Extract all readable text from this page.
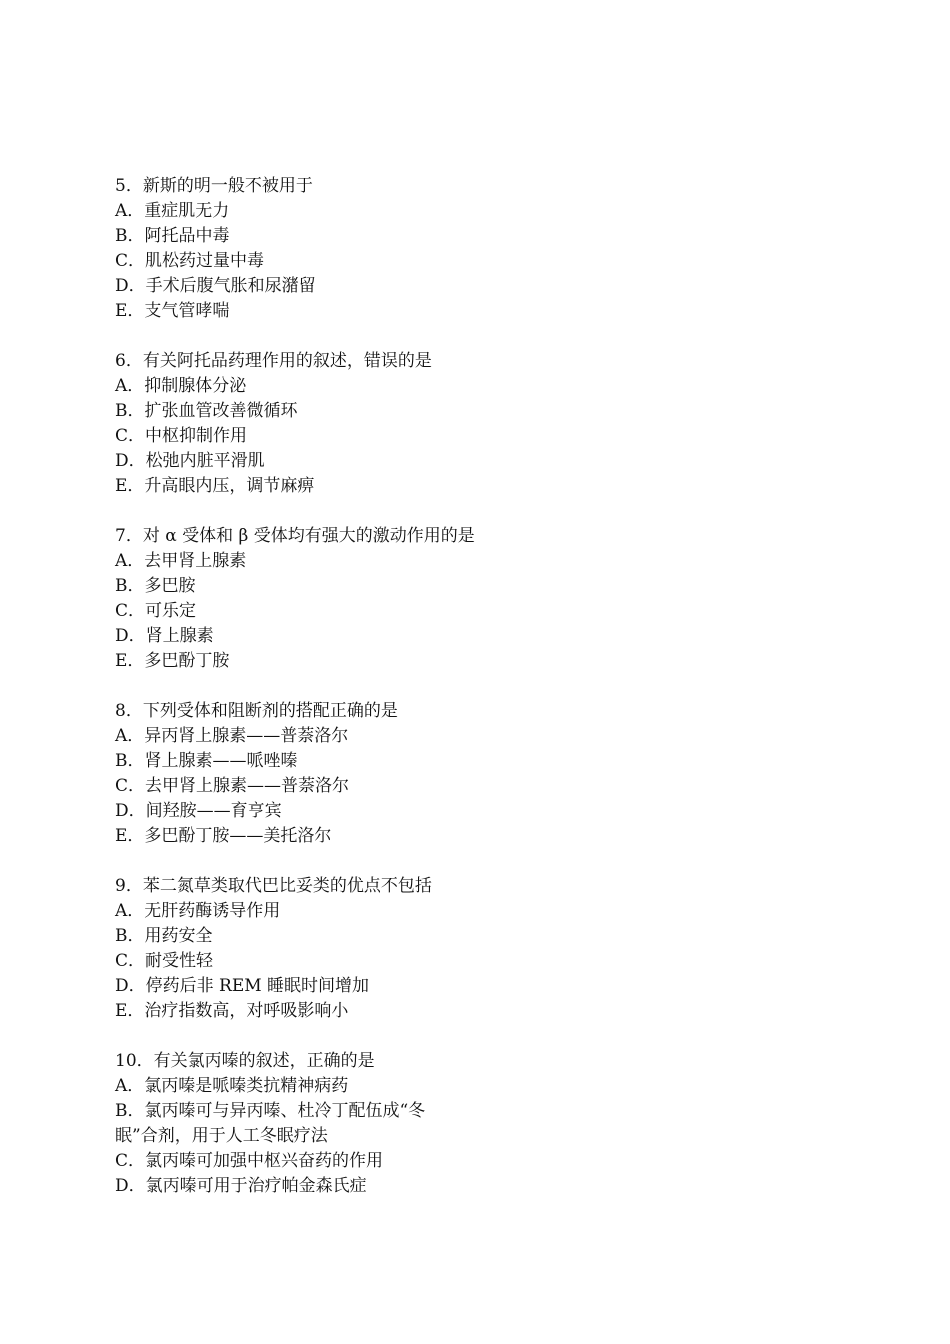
5．新斯的明一般不被用于
A．重症肌无力
B．阿托品中毒
C．肌松药过量中毒
D．手术后腹气胀和尿潴留
E．支气管哮喘
6．有关阿托品药理作用的叙述，错误的是
A．抑制腺体分泌
B．扩张血管改善微循环
C．中枢抑制作用
D．松弛内脏平滑肌
E．升高眼内压，调节麻痹
7．对 α 受体和 β 受体均有强大的激动作用的是
A．去甲肾上腺素
B．多巴胺
C．可乐定
D．肾上腺素
E．多巴酚丁胺
8．下列受体和阻断剂的搭配正确的是
A．异丙肾上腺素——普萘洛尔
B．肾上腺素——哌唑嗪
C．去甲肾上腺素——普萘洛尔
D．间羟胺——育亨宾
E．多巴酚丁胺——美托洛尔
9．苯二氮草类取代巴比妥类的优点不包括
A．无肝药酶诱导作用
B．用药安全
C．耐受性轻
D．停药后非 REM 睡眠时间增加
E．治疗指数高，对呼吸影响小
10．有关氯丙嗪的叙述，正确的是
A．氯丙嗪是哌嗪类抗精神病药
B．氯丙嗪可与异丙嗪、杜冷丁配伍成“冬
眠”合剂，用于人工冬眠疗法
C．氯丙嗪可加强中枢兴奋药的作用
D．氯丙嗪可用于治疗帕金森氏症
